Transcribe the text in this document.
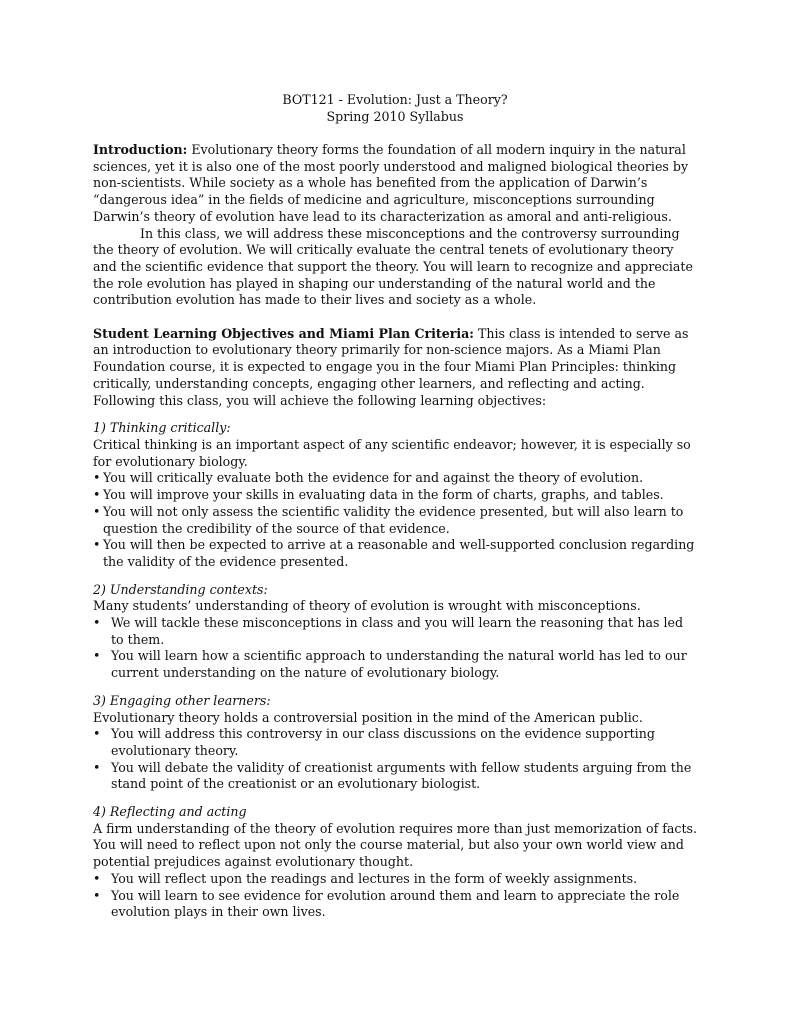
BOT121 - Evolution: Just a Theory?
Spring 2010 Syllabus

Introduction: Evolutionary theory forms the foundation of all modern inquiry in the natural sciences, yet it is also one of the most poorly understood and maligned biological theories by non-scientists. While society as a whole has benefited from the application of Darwin’s “dangerous idea” in the fields of medicine and agriculture, misconceptions surrounding Darwin’s theory of evolution have lead to its characterization as amoral and anti-religious.

In this class, we will address these misconceptions and the controversy surrounding the theory of evolution. We will critically evaluate the central tenets of evolutionary theory and the scientific evidence that support the theory. You will learn to recognize and appreciate the role evolution has played in shaping our understanding of the natural world and the contribution evolution has made to their lives and society as a whole.

Student Learning Objectives and Miami Plan Criteria: This class is intended to serve as an introduction to evolutionary theory primarily for non-science majors. As a Miami Plan Foundation course, it is expected to engage you in the four Miami Plan Principles: thinking critically, understanding concepts, engaging other learners, and reflecting and acting. Following this class, you will achieve the following learning objectives:

1) Thinking critically:

Critical thinking is an important aspect of any scientific endeavor; however, it is especially so for evolutionary biology.

• You will critically evaluate both the evidence for and against the theory of evolution.
• You will improve your skills in evaluating data in the form of charts, graphs, and tables.
• You will not only assess the scientific validity the evidence presented, but will also learn to question the credibility of the source of that evidence.
• You will then be expected to arrive at a reasonable and well-supported conclusion regarding the validity of the evidence presented.

2) Understanding contexts:

Many students’ understanding of theory of evolution is wrought with misconceptions.

• We will tackle these misconceptions in class and you will learn the reasoning that has led to them.
• You will learn how a scientific approach to understanding the natural world has led to our current understanding on the nature of evolutionary biology.

3) Engaging other learners:

Evolutionary theory holds a controversial position in the mind of the American public.

• You will address this controversy in our class discussions on the evidence supporting evolutionary theory.
• You will debate the validity of creationist arguments with fellow students arguing from the stand point of the creationist or an evolutionary biologist.

4) Reflecting and acting

A firm understanding of the theory of evolution requires more than just memorization of facts. You will need to reflect upon not only the course material, but also your own world view and potential prejudices against evolutionary thought.

• You will reflect upon the readings and lectures in the form of weekly assignments.
• You will learn to see evidence for evolution around them and learn to appreciate the role evolution plays in their own lives.
